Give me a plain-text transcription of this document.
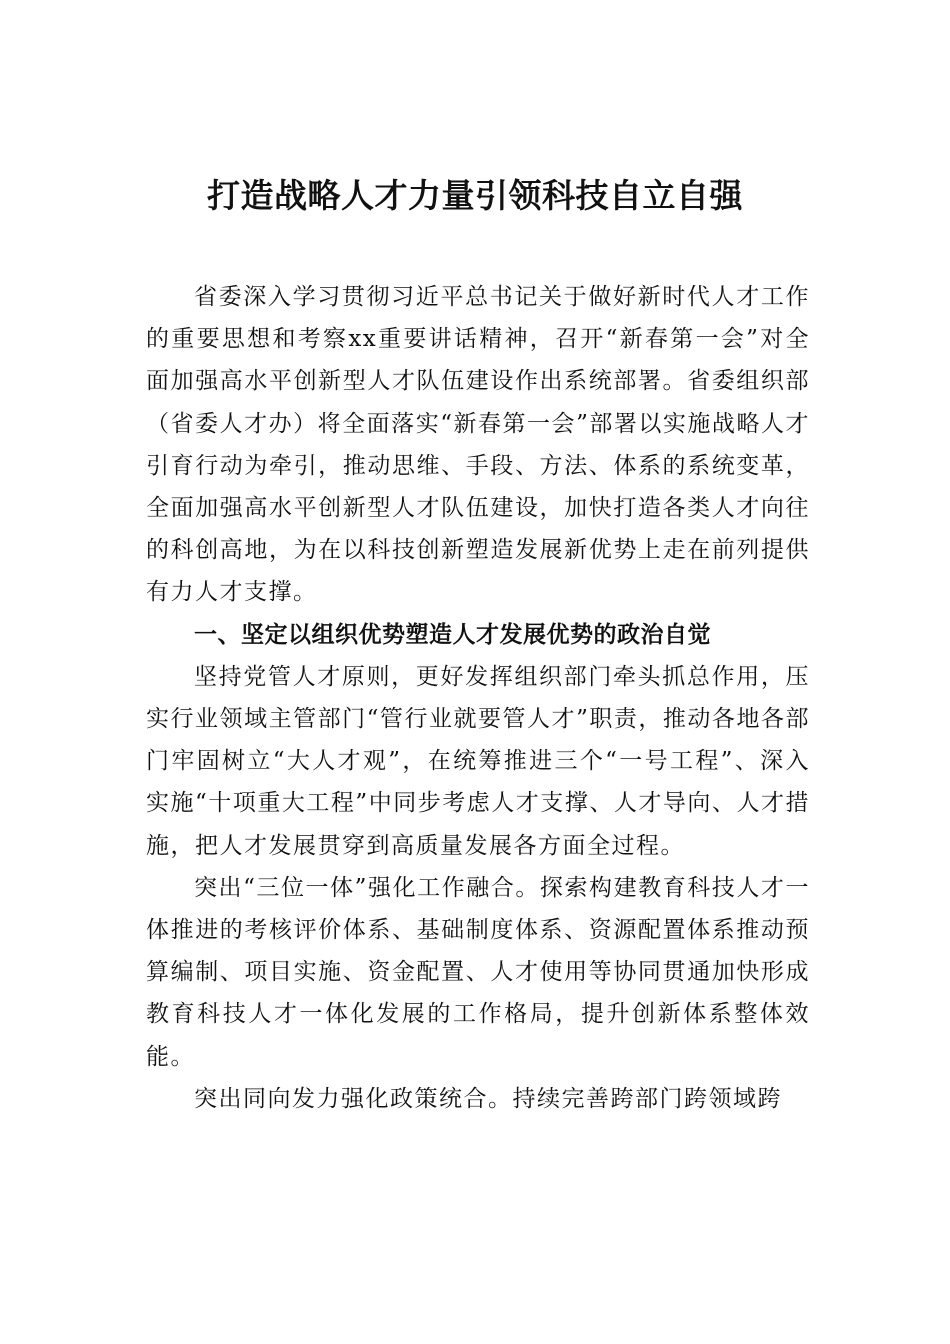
打造战略人才力量引领科技自立自强

省委深入学习贯彻习近平总书记关于做好新时代人才工作的重要思想和考察xx重要讲话精神，召开“新春第一会”对全面加强高水平创新型人才队伍建设作出系统部署。省委组织部（省委人才办）将全面落实“新春第一会”部署以实施战略人才引育行动为牵引，推动思维、手段、方法、体系的系统变革，全面加强高水平创新型人才队伍建设，加快打造各类人才向往的科创高地，为在以科技创新塑造发展新优势上走在前列提供有力人才支撑。

一、坚定以组织优势塑造人才发展优势的政治自觉

坚持党管人才原则，更好发挥组织部门牵头抓总作用，压实行业领域主管部门“管行业就要管人才”职责，推动各地各部门牢固树立“大人才观”，在统筹推进三个“一号工程”、深入实施“十项重大工程”中同步考虑人才支撑、人才导向、人才措施，把人才发展贯穿到高质量发展各方面全过程。

突出“三位一体”强化工作融合。探索构建教育科技人才一体推进的考核评价体系、基础制度体系、资源配置体系推动预算编制、项目实施、资金配置、人才使用等协同贯通加快形成教育科技人才一体化发展的工作格局，提升创新体系整体效能。

突出同向发力强化政策统合。持续完善跨部门跨领域跨
